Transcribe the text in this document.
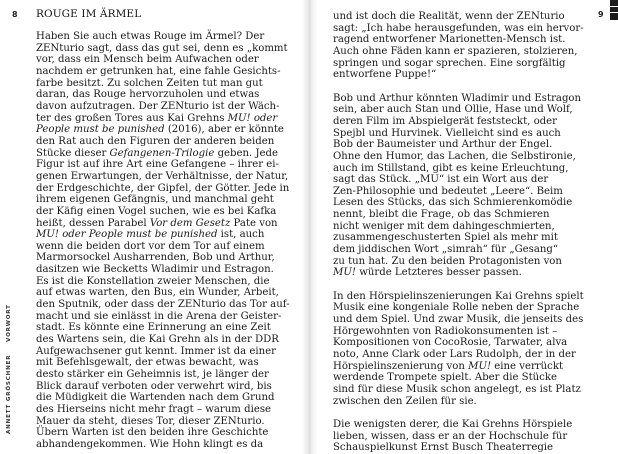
8 ROUGE IM ÄRMEL
Haben Sie auch etwas Rouge im Ärmel? Der
ZENturio sagt, dass das gut sei, denn es „kommt
vor, dass ein Mensch beim Aufwachen oder
nachdem er getrunken hat, eine fahle Gesichts-
farbe besitzt. Zu solchen Zeiten tut man gut
daran, das Rouge hervorzuholen und etwas
davon aufzutragen. Der ZENturio ist der Wäch-
ter des großen Tores aus Kai Grehns MU! oder
People must be punished (2016), aber er könnte
den Rat auch den Figuren der anderen beiden
Stücke dieser Gefangenen-Trilogie geben. Jede
Figur ist auf ihre Art eine Gefangene – ihrer ei-
genen Erwartungen, der Verhältnisse, der Natur,
der Erdgeschichte, der Gipfel, der Götter. Jede in
ihrem eigenen Gefängnis, und manchmal geht
der Käfig einen Vogel suchen, wie es bei Kafka
heißt, dessen Parabel Vor dem Gesetz Pate von
MU! oder People must be punished ist, auch
wenn die beiden dort vor dem Tor auf einem
Marmorsockel Ausharrenden, Bob und Arthur,
dasitzen wie Becketts Wladimir und Estragon.
Es ist die Konstellation zweier Menschen, die
auf etwas warten, den Bus, ein Wunder, Arbeit,
den Sputnik, oder dass der ZENturio das Tor auf-
macht und sie einlässt in die Arena der Geister-
stadt. Es könnte eine Erinnerung an eine Zeit
des Wartens sein, die Kai Grehn als in der DDR
Aufgewachsener gut kennt. Immer ist da einer
mit Befehlsgewalt, der etwas bewacht, was
desto stärker ein Geheimnis ist, je länger der
Blick darauf verboten oder verwehrt wird, bis
die Müdigkeit die Wartenden nach dem Grund
des Hierseins nicht mehr fragt – warum diese
Mauer da steht, dieses Tor, dieser ZENturio.
Übern Warten ist den beiden ihre Geschichte
abhandengekommen. Wie Hohn klingt es da
ANNETT GRÖSCHNER VORWORT
9
und ist doch die Realität, wenn der ZENturio
sagt: „Ich habe herausgefunden, was ein hervor-
ragend entworfener Marionetten-Mensch ist.
Auch ohne Fäden kann er spazieren, stolzieren,
springen und sogar sprechen. Eine sorgfältig
entworfene Puppe!“
Bob und Arthur könnten Wladimir und Estragon
sein, aber auch Stan und Ollie, Hase und Wolf,
deren Film im Abspielgerät feststeckt, oder
Spejbl und Hurvinek. Vielleicht sind es auch
Bob der Baumeister und Arthur der Engel.
Ohne den Humor, das Lachen, die Selbstironie,
auch im Stillstand, gibt es keine Erleuchtung,
sagt das Stück. „MU“ ist ein Wort aus der
Zen-Philosophie und bedeutet „Leere“. Beim
Lesen des Stücks, das sich Schmierenkomödie
nennt, bleibt die Frage, ob das Schmieren
nicht weniger mit dem dahingeschmierten,
zusammengeschusterten Spiel als mehr mit
dem jiddischen Wort „simrah“ für „Gesang“
zu tun hat. Zu den beiden Protagonisten von
MU! würde Letzteres besser passen.
In den Hörspielinszenierungen Kai Grehns spielt
Musik eine kongeniale Rolle neben der Sprache
und dem Spiel. Und zwar Musik, die jenseits des
Hörgewohnten von Radiokonsumenten ist –
Kompositionen von CocoRosie, Tarwater, alva
noto, Anne Clark oder Lars Rudolph, der in der
Hörspielinszenierung von MU! eine verrückt
werdende Trompete spielt. Aber die Stücke
sind für diese Musik schon angelegt, es ist Platz
zwischen den Zeilen für sie.
Die wenigsten derer, die Kai Grehns Hörspiele
lieben, wissen, dass er an der Hochschule für
Schauspielkunst Ernst Busch Theaterregie
